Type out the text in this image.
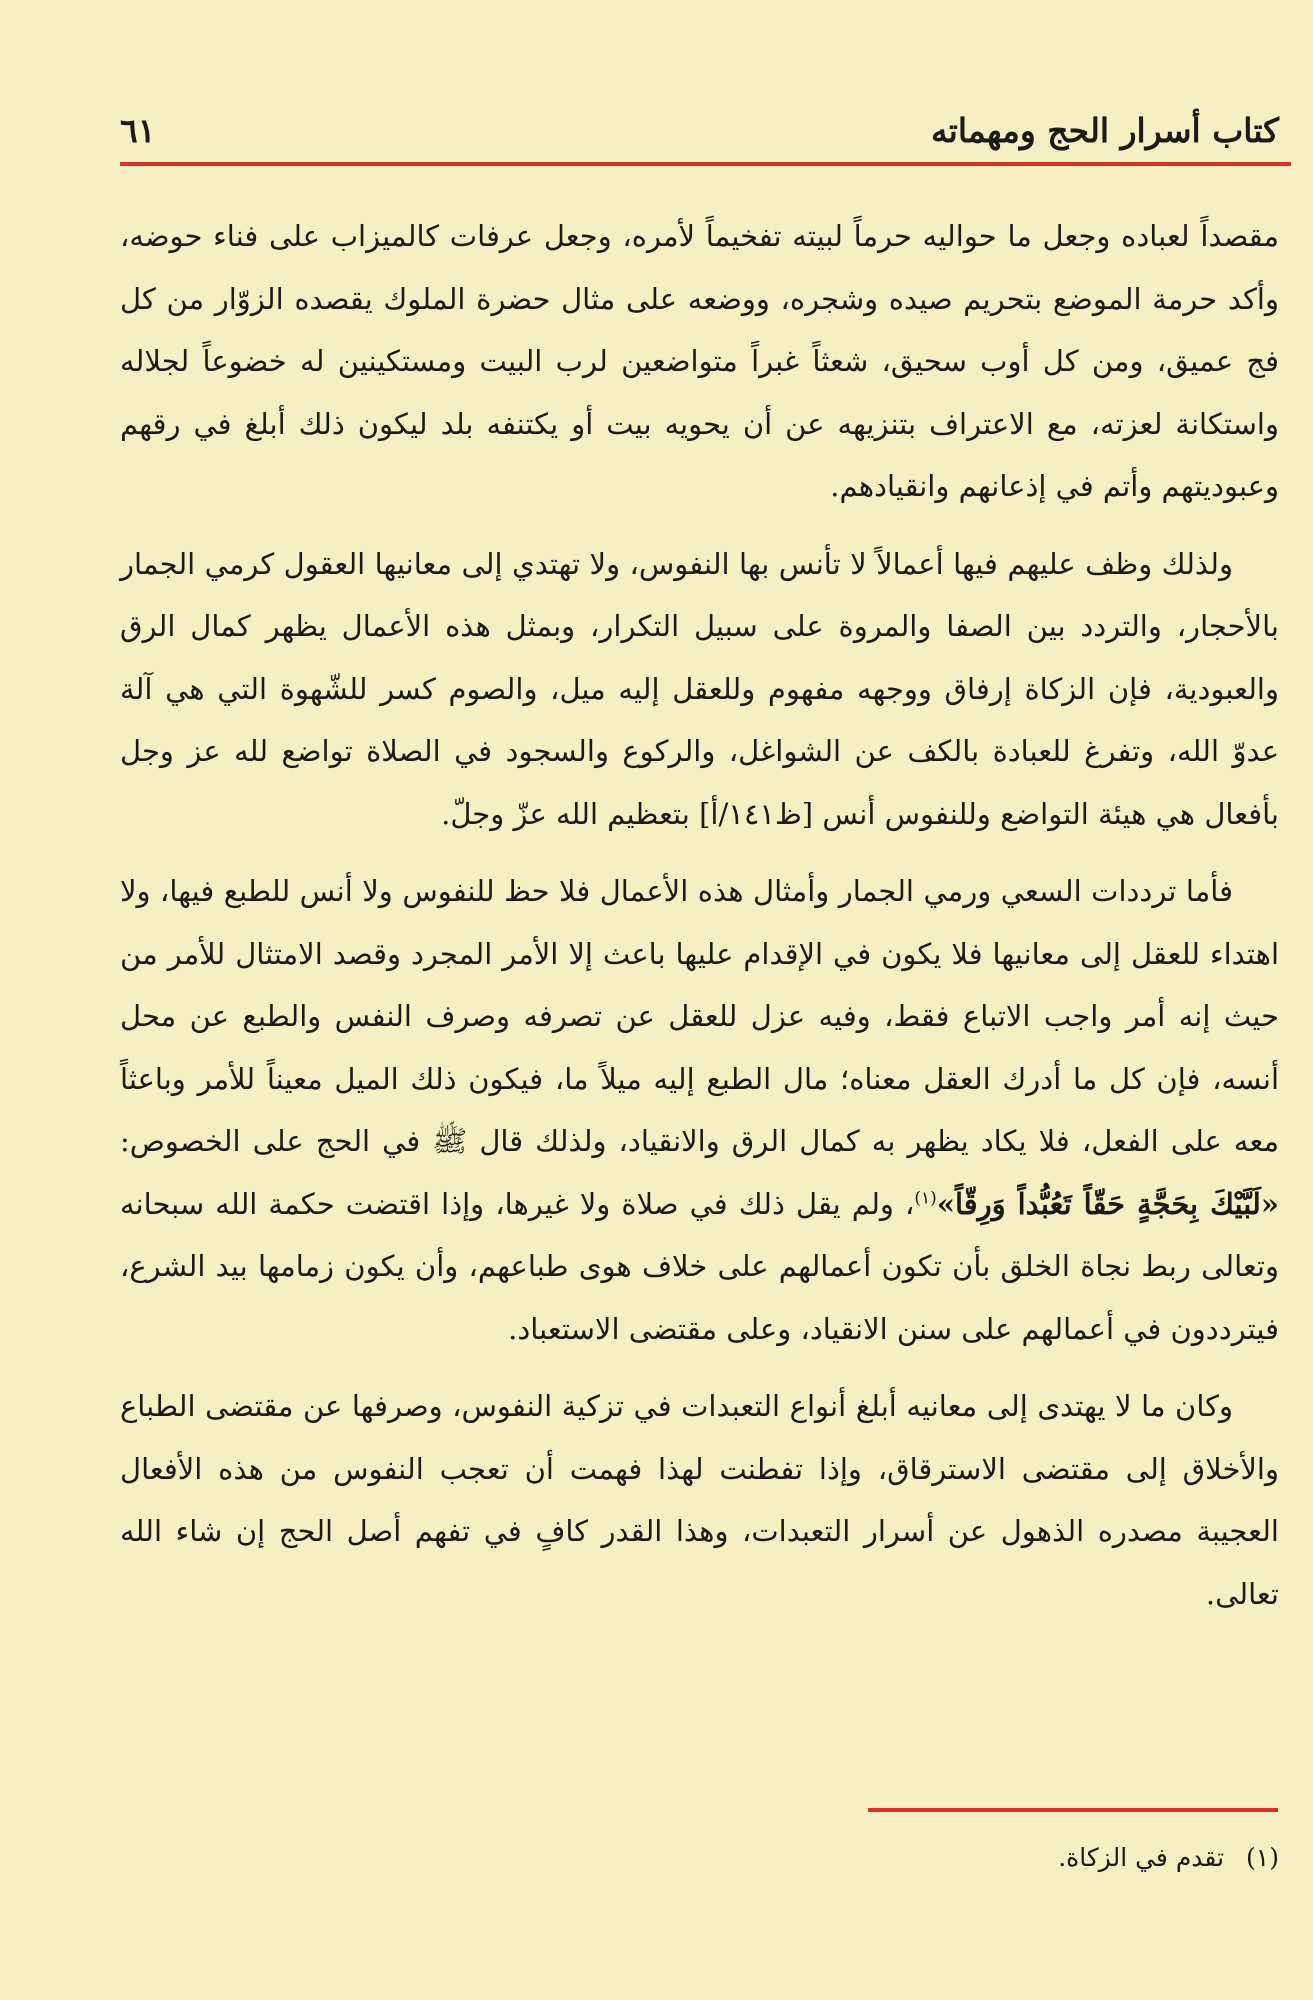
كتاب أسرار الحج ومهماته
٦١

مقصداً لعباده وجعل ما حواليه حرماً لبيته تفخيماً لأمره، وجعل عرفات كالميزاب على فناء حوضه، وأكد حرمة الموضع بتحريم صيده وشجره، ووضعه على مثال حضرة الملوك يقصده الزوّار من كل فج عميق، ومن كل أوب سحيق، شعثاً غبراً متواضعين لرب البيت ومستكينين له خضوعاً لجلاله واستكانة لعزته، مع الاعتراف بتنزيهه عن أن يحويه بيت أو يكتنفه بلد ليكون ذلك أبلغ في رقهم وعبوديتهم وأتم في إذعانهم وانقيادهم.

ولذلك وظف عليهم فيها أعمالاً لا تأنس بها النفوس، ولا تهتدي إلى معانيها العقول كرمي الجمار بالأحجار، والتردد بين الصفا والمروة على سبيل التكرار، وبمثل هذه الأعمال يظهر كمال الرق والعبودية، فإن الزكاة إرفاق ووجهه مفهوم وللعقل إليه ميل، والصوم كسر للشّهوة التي هي آلة عدوّ الله، وتفرغ للعبادة بالكف عن الشواغل، والركوع والسجود في الصلاة تواضع لله عز وجل بأفعال هي هيئة التواضع وللنفوس أنس [ظ١٤١/أ] بتعظيم الله عزّ وجلّ.

فأما ترددات السعي ورمي الجمار وأمثال هذه الأعمال فلا حظ للنفوس ولا أنس للطبع فيها، ولا اهتداء للعقل إلى معانيها فلا يكون في الإقدام عليها باعث إلا الأمر المجرد وقصد الامتثال للأمر من حيث إنه أمر واجب الاتباع فقط، وفيه عزل للعقل عن تصرفه وصرف النفس والطبع عن محل أنسه، فإن كل ما أدرك العقل معناه؛ مال الطبع إليه ميلاً ما، فيكون ذلك الميل معيناً للأمر وباعثاً معه على الفعل، فلا يكاد يظهر به كمال الرق والانقياد، ولذلك قال ﷺ في الحج على الخصوص: «لَبَّيْكَ بِحَجَّةٍ حَقّاً تَعُبُّداً وَرِقّاً»$^{(١)}$، ولم يقل ذلك في صلاة ولا غيرها، وإذا اقتضت حكمة الله سبحانه وتعالى ربط نجاة الخلق بأن تكون أعمالهم على خلاف هوى طباعهم، وأن يكون زمامها بيد الشرع، فيترددون في أعمالهم على سنن الانقياد، وعلى مقتضى الاستعباد.

وكان ما لا يهتدى إلى معانيه أبلغ أنواع التعبدات في تزكية النفوس، وصرفها عن مقتضى الطباع والأخلاق إلى مقتضى الاسترقاق، وإذا تفطنت لهذا فهمت أن تعجب النفوس من هذه الأفعال العجيبة مصدره الذهول عن أسرار التعبدات، وهذا القدر كافٍ في تفهم أصل الحج إن شاء الله تعالى.

(١)تقدم في الزكاة.
